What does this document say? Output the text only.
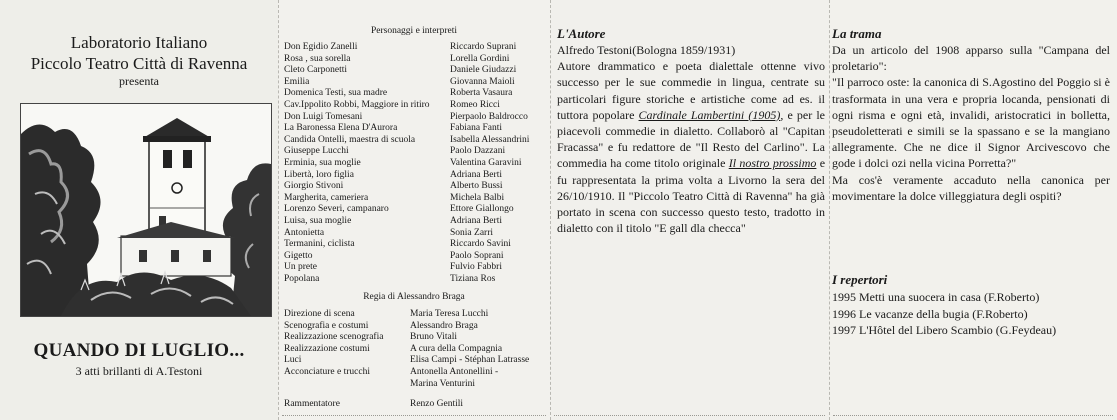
Laboratorio Italiano
Piccolo Teatro Città di Ravenna
presenta
QUANDO DI LUGLIO...
3 atti brillanti di A.Testoni
Personaggi e interpreti
Don Egidio Zanelli
Rosa , sua sorella
Cleto Carponetti
Emilia
Domenica Testi, sua madre
Cav.Ippolito Robbi, Maggiore in ritiro
Don Luigi Tomesani
La Baronessa Elena D'Aurora
Candida Ontelli, maestra di scuola
Giuseppe Lucchi
Erminia, sua moglie
Libertà, loro figlia
Giorgio Stivoni
Margherita, cameriera
Lorenzo Severi, campanaro
Luisa, sua moglie
Antonietta
Termanini, ciclista
Gigetto
Un prete
Popolana
Riccardo Suprani
Lorella Gordini
Daniele Giudazzi
Giovanna Maioli
Roberta Vasaura
Romeo Ricci
Pierpaolo Baldrocco
Fabiana Fanti
Isabella Alessandrini
Paolo Dazzani
Valentina Garavini
Adriana Berti
Alberto Bussi
Michela Balbi
Ettore Giallongo
Adriana Berti
Sonia Zarri
Riccardo Savini
Paolo Soprani
Fulvio Fabbri
Tiziana Ros
Regia di Alessandro Braga
Direzione di scena
Scenografia e costumi
Realizzazione scenografia
Realizzazione costumi
Luci
Acconciature e trucchi
Rammentatore
Maria Teresa Lucchi
Alessandro Braga
Bruno Vitali
A cura della Compagnia
Elisa Campi - Stéphan Latrasse
Antonella Antonellini -
Marina Venturini
Renzo Gentili
L'Autore

Alfredo Testoni(Bologna 1859/1931)

Autore drammatico e poeta dialettale ottenne vivo successo per le sue commedie in lingua, centrate su particolari figure storiche e artistiche come ad es. il tuttora popolare Cardinale Lambertini (1905), e per le piacevoli commedie in dialetto. Collaborò al "Capitan Fracassa" e fu redattore de "Il Resto del Carlino". La commedia ha come titolo originale Il nostro prossimo e fu rappresentata la prima volta a Livorno la sera del 26/10/1910. Il "Piccolo Teatro Città di Ravenna" ha già portato in scena con successo questo testo, tradotto in dialetto con il titolo "E gall dla checca"

La trama

Da un articolo del 1908 apparso sulla "Campana del proletario":

"Il parroco oste: la canonica di S.Agostino del Poggio si è trasformata in una vera e propria locanda, pensionati di ogni risma e ogni età, invalidi, aristocratici in bolletta, pseudoletterati e simili se la spassano e se la mangiano allegramente. Che ne dice il Signor Arcivescovo che gode i dolci ozi nella vicina Porretta?"

Ma cos'è veramente accaduto nella canonica per movimentare la dolce villeggiatura degli ospiti?

I repertori
1995 Metti una suocera in casa (F.Roberto)
1996 Le vacanze della bugia (F.Roberto)
1997 L'Hôtel del Libero Scambio (G.Feydeau)
